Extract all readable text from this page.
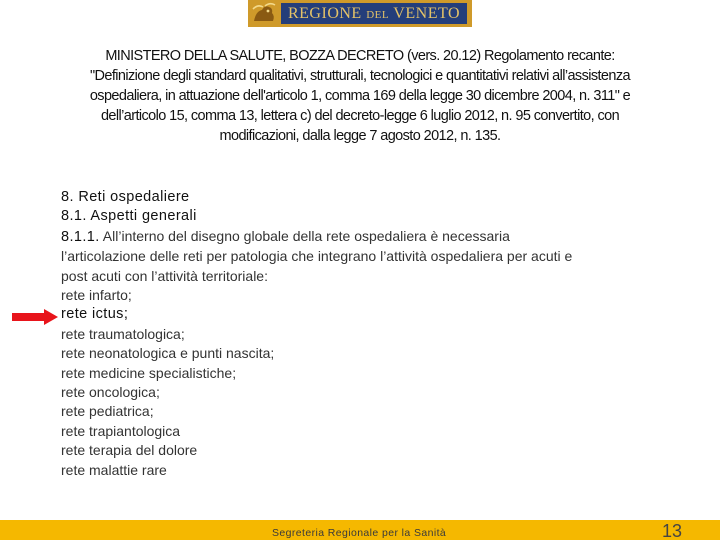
REGIONE DEL VENETO
MINISTERO DELLA SALUTE, BOZZA DECRETO (vers. 20.12) Regolamento recante:
"Definizione degli standard qualitativi, strutturali, tecnologici e quantitativi relativi all’assistenza
ospedaliera, in attuazione dell'articolo 1, comma 169 della legge 30 dicembre 2004, n. 311" e
dell’articolo 15, comma 13, lettera c) del decreto-legge 6 luglio 2012, n. 95 convertito, con
modificazioni, dalla legge 7 agosto 2012, n. 135.
8. Reti ospedaliere
8.1. Aspetti generali
8.1.1. All’interno del disegno globale della rete ospedaliera è necessaria
l’articolazione delle reti per patologia che integrano l’attività ospedaliera per acuti e
post acuti con l’attività territoriale:
rete infarto;
rete ictus;
rete traumatologica;
rete neonatologica e punti nascita;
rete medicine specialistiche;
rete oncologica;
rete pediatrica;
rete trapiantologica
rete terapia del dolore
rete malattie rare
Segreteria Regionale per la Sanità	13
